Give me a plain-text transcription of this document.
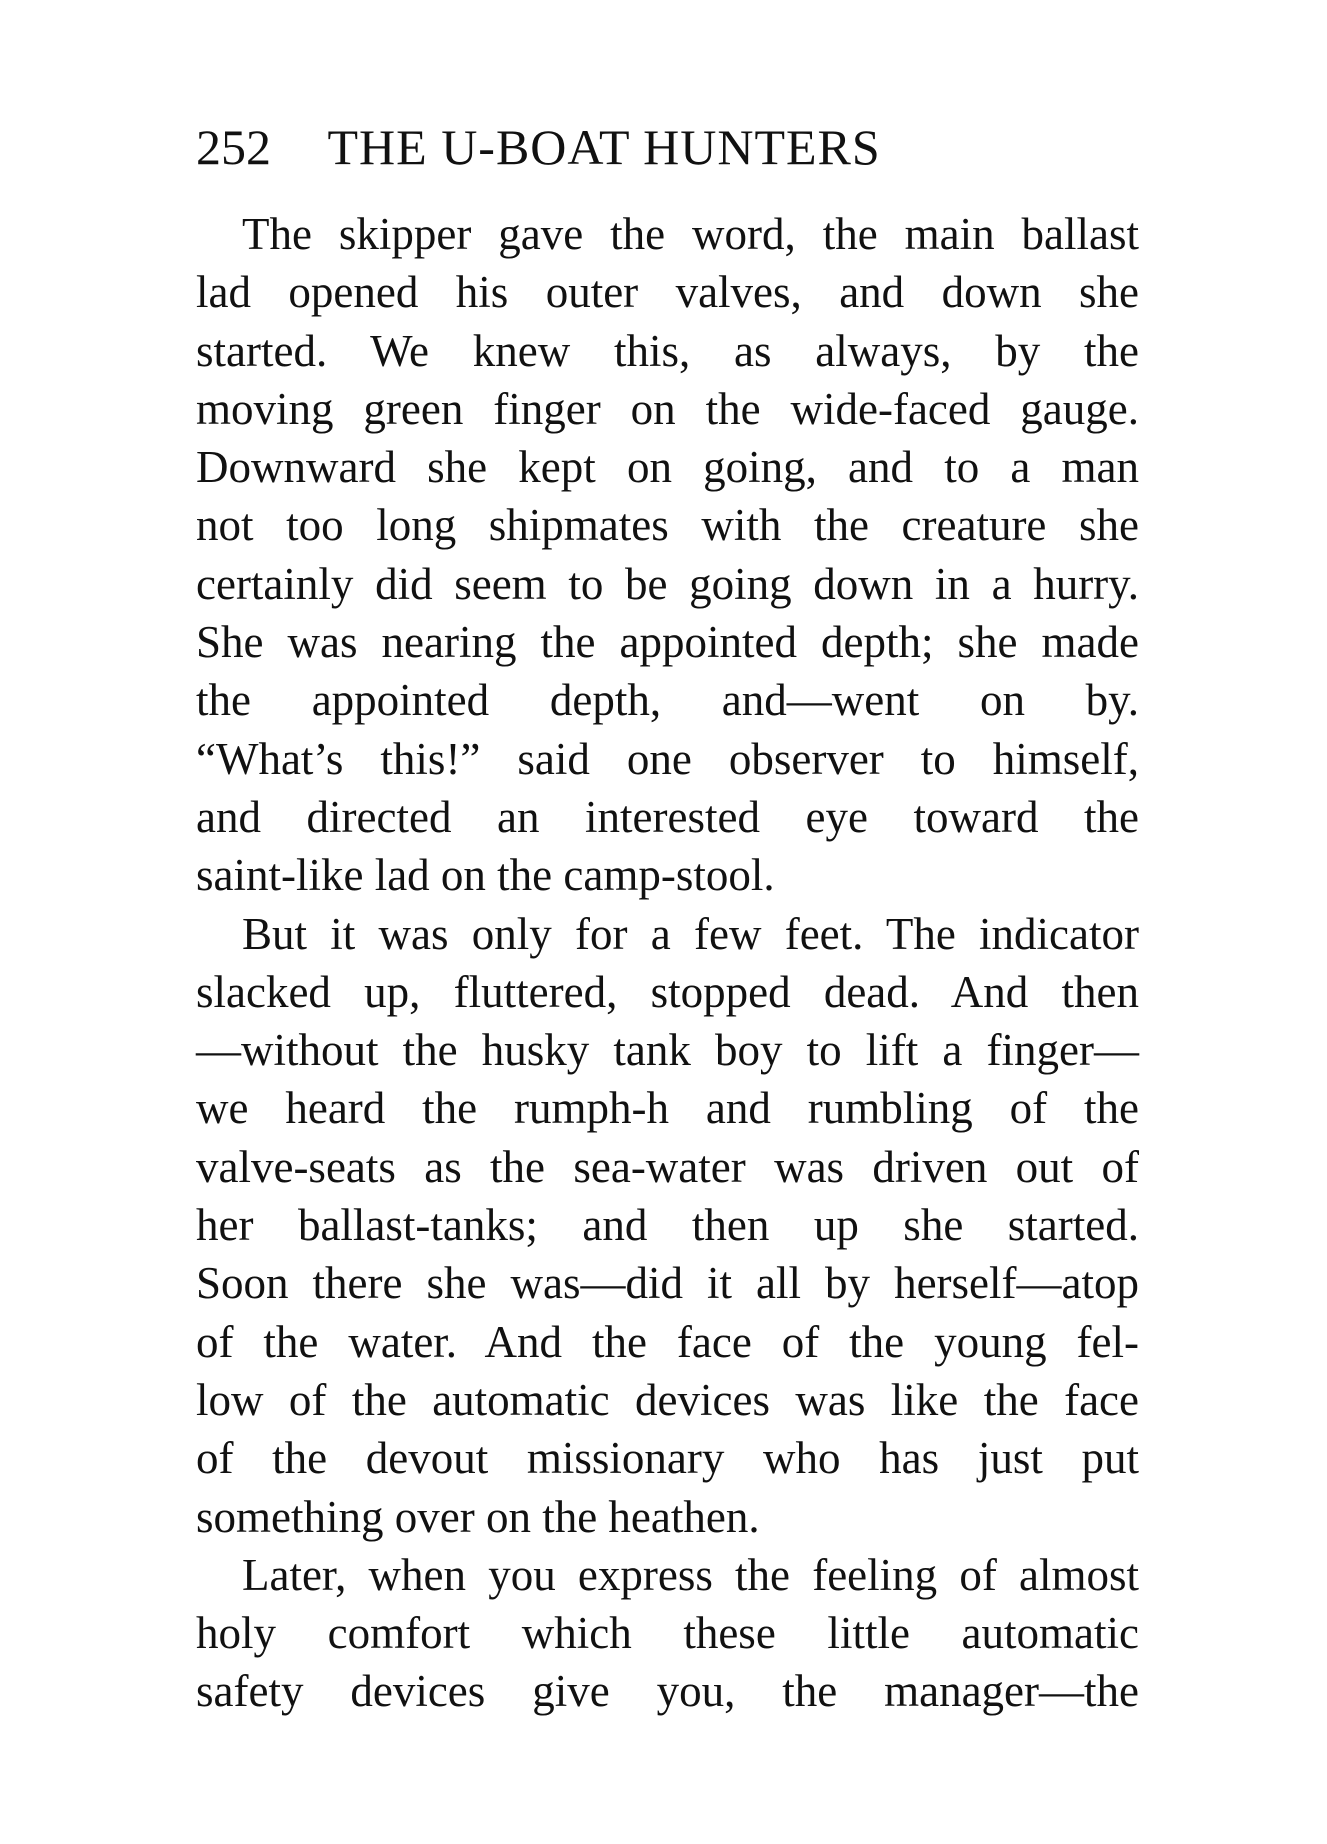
252 THE U-BOAT HUNTERS
The skipper gave the word, the main ballast
lad opened his outer valves, and down she
started. We knew this, as always, by the
moving green finger on the wide-faced gauge.
Downward she kept on going, and to a man
not too long shipmates with the creature she
certainly did seem to be going down in a hurry.
She was nearing the appointed depth; she made
the appointed depth, and—went on by.
“What’s this!” said one observer to himself,
and directed an interested eye toward the
saint-like lad on the camp-stool.
But it was only for a few feet. The indicator
slacked up, fluttered, stopped dead. And then
—without the husky tank boy to lift a finger—
we heard the rumph-h and rumbling of the
valve-seats as the sea-water was driven out of
her ballast-tanks; and then up she started.
Soon there she was—did it all by herself—atop
of the water. And the face of the young fel-
low of the automatic devices was like the face
of the devout missionary who has just put
something over on the heathen.
Later, when you express the feeling of almost
holy comfort which these little automatic
safety devices give you, the manager—the
